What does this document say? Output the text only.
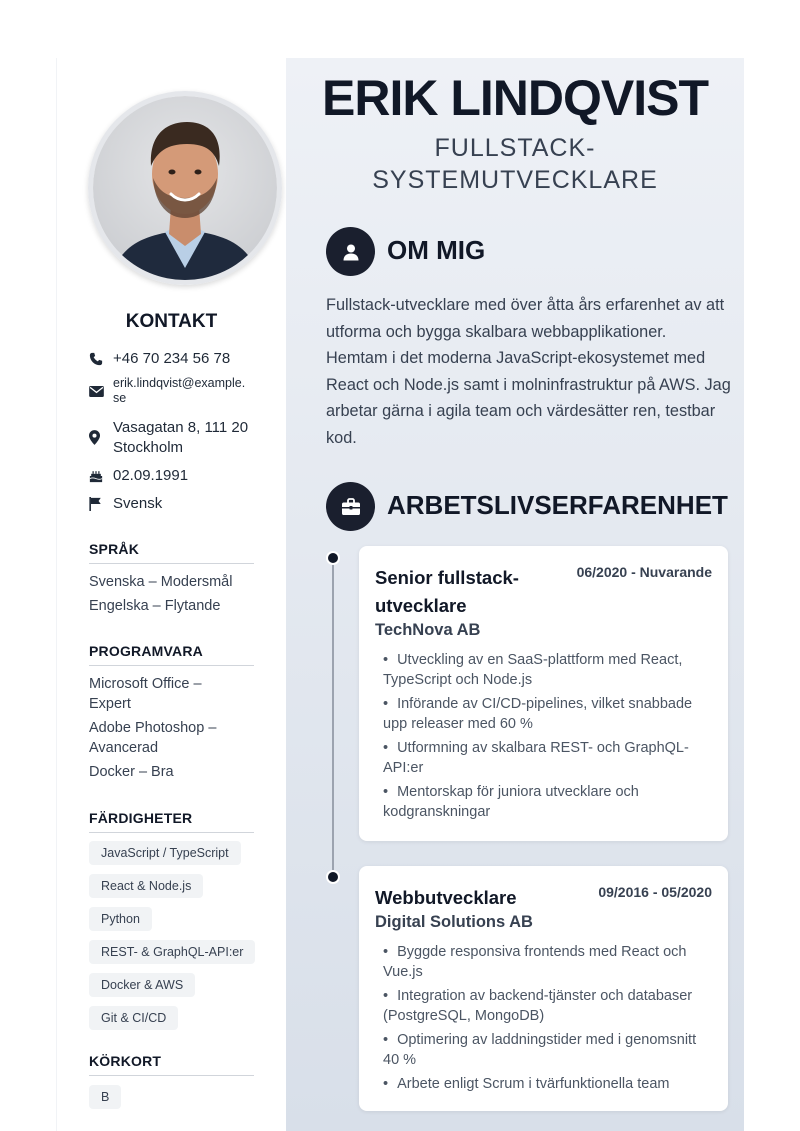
KONTAKT
+46 70 234 56 78
erik.lindqvist@example.
se
Vasagatan 8, 111 20
Stockholm
02.09.1991
Svensk
SPRÅK
Svenska – Modersmål
Engelska – Flytande
PROGRAMVARA
Microsoft Office –
Expert
Adobe Photoshop –
Avancerad
Docker – Bra
FÄRDIGHETER
JavaScript / TypeScript
React & Node.js
Python
REST- & GraphQL-API:er
Docker & AWS
Git & CI/CD
KÖRKORT
B
ERIK LINDQVIST
FULLSTACK-
SYSTEMUTVECKLARE
OM MIG
Fullstack-utvecklare med över åtta års erfarenhet av att utforma och bygga skalbara webbapplikationer. Hemtam i det moderna JavaScript-ekosystemet med React och Node.js samt i molninfrastruktur på AWS. Jag arbetar gärna i agila team och värdesätter ren, testbar kod.
ARBETSLIVSERFARENHET
Senior fullstack-
utvecklare
06/2020 - Nuvarande
TechNova AB
• Utveckling av en SaaS-plattform med React, TypeScript och Node.js
• Införande av CI/CD-pipelines, vilket snabbade upp releaser med 60 %
• Utformning av skalbara REST- och GraphQL-API:er
• Mentorskap för juniora utvecklare och kodgranskningar
Webbutvecklare	09/2016 - 05/2020
Digital Solutions AB
• Byggde responsiva frontends med React och Vue.js
• Integration av backend-tjänster och databaser (PostgreSQL, MongoDB)
• Optimering av laddningstider med i genomsnitt 40 %
• Arbete enligt Scrum i tvärfunktionella team
